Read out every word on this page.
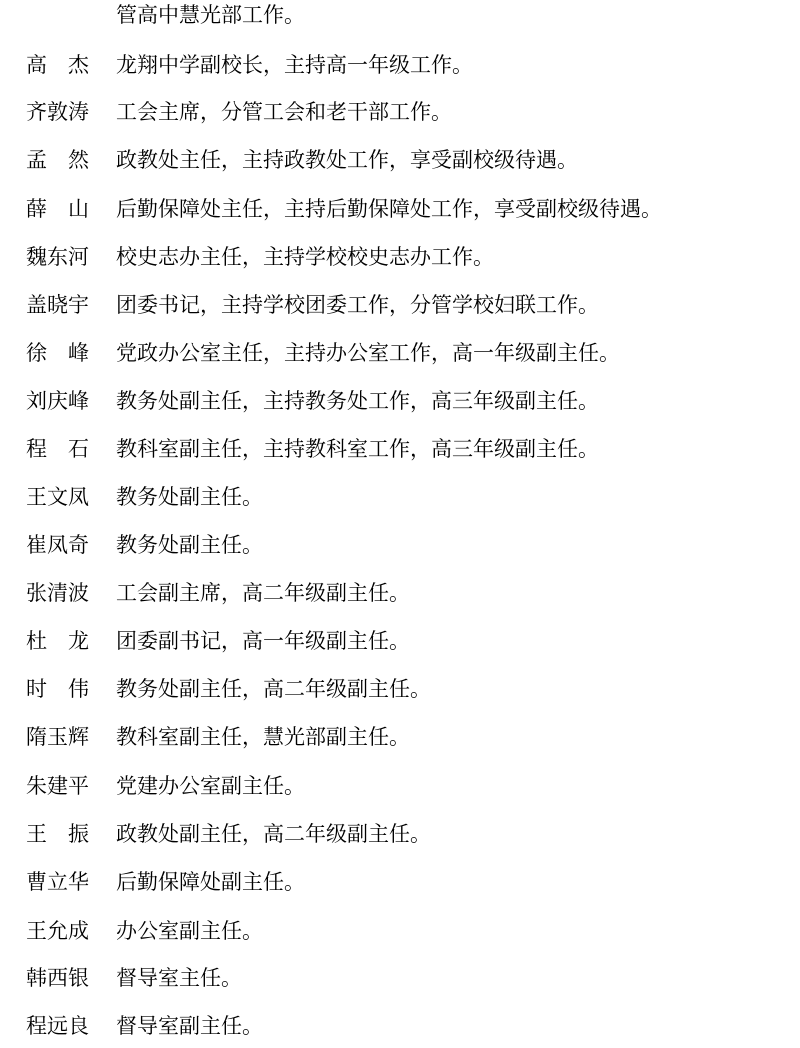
管高中慧光部工作。
高　杰 龙翔中学副校长，主持高一年级工作。
齐敦涛 工会主席，分管工会和老干部工作。
孟　然 政教处主任，主持政教处工作，享受副校级待遇。
薛　山 后勤保障处主任，主持后勤保障处工作，享受副校级待遇。
魏东河 校史志办主任，主持学校校史志办工作。
盖晓宇 团委书记，主持学校团委工作，分管学校妇联工作。
徐　峰 党政办公室主任，主持办公室工作，高一年级副主任。
刘庆峰 教务处副主任，主持教务处工作，高三年级副主任。
程　石 教科室副主任，主持教科室工作，高三年级副主任。
王文凤 教务处副主任。
崔凤奇 教务处副主任。
张清波 工会副主席，高二年级副主任。
杜　龙 团委副书记，高一年级副主任。
时　伟 教务处副主任，高二年级副主任。
隋玉辉 教科室副主任，慧光部副主任。
朱建平 党建办公室副主任。
王　振 政教处副主任，高二年级副主任。
曹立华 后勤保障处副主任。
王允成 办公室副主任。
韩西银 督导室主任。
程远良 督导室副主任。
